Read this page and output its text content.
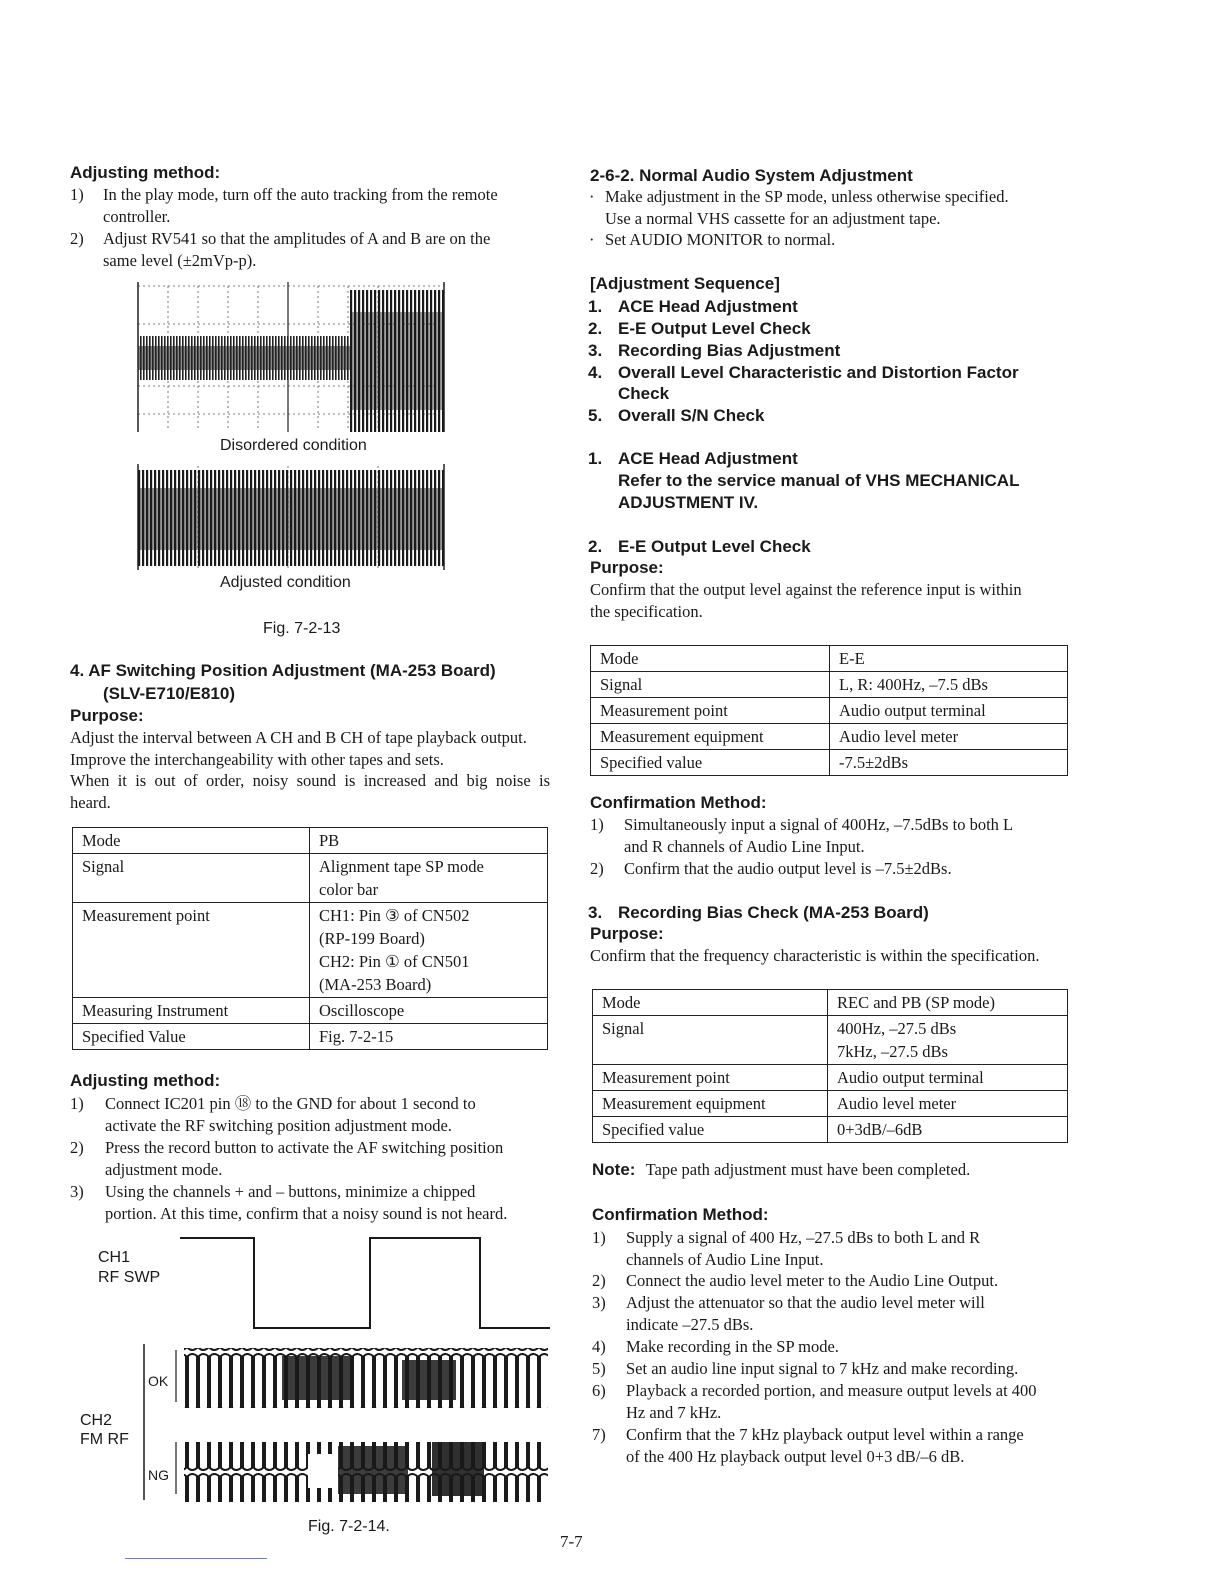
Adjusting method:
1) In the play mode, turn off the auto tracking from the remote
controller.
2) Adjust RV541 so that the amplitudes of A and B are on the
same level (±2mVp-p).
Disordered condition
Adjusted condition
Fig. 7-2-13
4. AF Switching Position Adjustment (MA-253 Board)
(SLV-E710/E810)
Purpose:
Adjust the interval between A CH and B CH of tape playback output.
Improve the interchangeability with other tapes and sets.
When it is out of order, noisy sound is increased and big noise is
heard.
Mode	PB
Signal	Alignment tape SP mode
color bar

Measurement point	CH1: Pin ③ of CN502
(RP-199 Board)
CH2: Pin ① of CN501
(MA-253 Board)

Measuring Instrument	Oscilloscope
Specified Value	Fig. 7-2-15
Adjusting method:
1) Connect IC201 pin ⑱ to the GND for about 1 second to
activate the RF switching position adjustment mode.
2) Press the record button to activate the AF switching position
adjustment mode.
3) Using the channels + and – buttons, minimize a chipped
portion. At this time, confirm that a noisy sound is not heard.
CH1
RF SWP
CH2
FM RF
OK
NG
Fig. 7-2-14.
2-6-2. Normal Audio System Adjustment
· Make adjustment in the SP mode, unless otherwise specified.
Use a normal VHS cassette for an adjustment tape.
· Set AUDIO MONITOR to normal.
[Adjustment Sequence]
1. ACE Head Adjustment
2. E-E Output Level Check
3. Recording Bias Adjustment
4. Overall Level Characteristic and Distortion Factor
Check
5. Overall S/N Check
1. ACE Head Adjustment
Refer to the service manual of VHS MECHANICAL
ADJUSTMENT IV.
2. E-E Output Level Check
Purpose:
Confirm that the output level against the reference input is within
the specification.
Mode	E-E
Signal	L, R: 400Hz, –7.5 dBs
Measurement point	Audio output terminal
Measurement equipment	Audio level meter
Specified value	-7.5±2dBs
Confirmation Method:
1) Simultaneously input a signal of 400Hz, –7.5dBs to both L
and R channels of Audio Line Input.
2) Confirm that the audio output level is –7.5±2dBs.
3. Recording Bias Check (MA-253 Board)
Purpose:
Confirm that the frequency characteristic is within the specification.
Mode	REC and PB (SP mode)
Signal	400Hz, –27.5 dBs
7kHz, –27.5 dBs

Measurement point	Audio output terminal
Measurement equipment	Audio level meter
Specified value	0+3dB/–6dB
Note: Tape path adjustment must have been completed.
Confirmation Method:
1) Supply a signal of 400 Hz, –27.5 dBs to both L and R
channels of Audio Line Input.
2) Connect the audio level meter to the Audio Line Output.
3) Adjust the attenuator so that the audio level meter will
indicate –27.5 dBs.
4) Make recording in the SP mode.
5) Set an audio line input signal to 7 kHz and make recording.
6) Playback a recorded portion, and measure output levels at 400
Hz and 7 kHz.
7) Confirm that the 7 kHz playback output level within a range
of the 400 Hz playback output level 0+3 dB/–6 dB.
7-7
